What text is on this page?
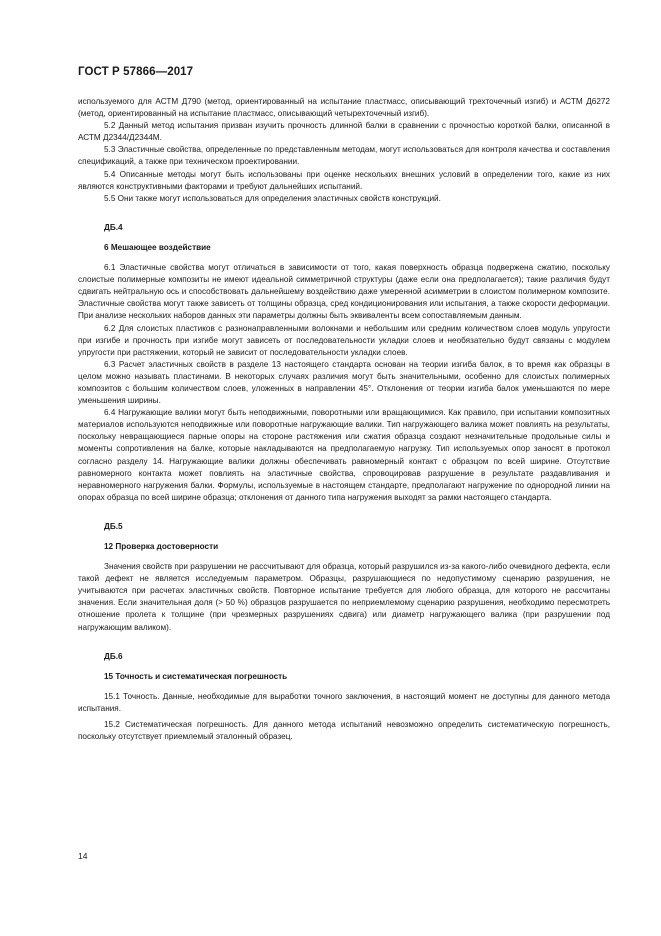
ГОСТ Р 57866—2017

используемого для АСТМ Д790 (метод, ориентированный на испытание пластмасс, описывающий трехточечный изгиб) и АСТМ Д6272 (метод, ориентированный на испытание пластмасс, описывающий четырехточечный изгиб).

5.2 Данный метод испытания призван изучить прочность длинной балки в сравнении с прочностью короткой балки, описанной в АСТМ Д2344/Д2344М.

5.3 Эластичные свойства, определенные по представленным методам, могут использоваться для контроля качества и составления спецификаций, а также при техническом проектировании.

5.4 Описанные методы могут быть использованы при оценке нескольких внешних условий в определении того, какие из них являются конструктивными факторами и требуют дальнейших испытаний.

5.5 Они также могут использоваться для определения эластичных свойств конструкций.

ДБ.4

6 Мешающее воздействие

6.1 Эластичные свойства могут отличаться в зависимости от того, какая поверхность образца подвержена сжатию, поскольку слоистые полимерные композиты не имеют идеальной симметричной структуры (даже если она предполагается); такие различия будут сдвигать нейтральную ось и способствовать дальнейшему воздействию даже умеренной асимметрии в слоистом полимерном композите. Эластичные свойства могут также зависеть от толщины образца, сред кондиционирования или испытания, а также скорости деформации. При анализе нескольких наборов данных эти параметры должны быть эквиваленты всем сопоставляемым данным.

6.2 Для слоистых пластиков с разнонаправленными волокнами и небольшим или средним количеством слоев модуль упругости при изгибе и прочность при изгибе могут зависеть от последовательности укладки слоев и необязательно будут связаны с модулем упругости при растяжении, который не зависит от последовательности укладки слоев.

6.3 Расчет эластичных свойств в разделе 13 настоящего стандарта основан на теории изгиба балок, в то время как образцы в целом можно называть пластинами. В некоторых случаях различия могут быть значительными, особенно для слоистых полимерных композитов с большим количеством слоев, уложенных в направлении 45°. Отклонения от теории изгиба балок уменьшаются по мере уменьшения ширины.

6.4 Нагружающие валики могут быть неподвижными, поворотными или вращающимися. Как правило, при испытании композитных материалов используются неподвижные или поворотные нагружающие валики. Тип нагружающего валика может повлиять на результаты, поскольку невращающиеся парные опоры на стороне растяжения или сжатия образца создают незначительные продольные силы и моменты сопротивления на балке, которые накладываются на предполагаемую нагрузку. Тип используемых опор заносят в протокол согласно разделу 14. Нагружающие валики должны обеспечивать равномерный контакт с образцом по всей ширине. Отсутствие равномерного контакта может повлиять на эластичные свойства, спровоцировав разрушение в результате раздавливания и неравномерного нагружения балки. Формулы, используемые в настоящем стандарте, предполагают нагружение по однородной линии на опорах образца по всей ширине образца; отклонения от данного типа нагружения выходят за рамки настоящего стандарта.

ДБ.5

12 Проверка достоверности

Значения свойств при разрушении не рассчитывают для образца, который разрушился из-за какого-либо очевидного дефекта, если такой дефект не является исследуемым параметром. Образцы, разрушающиеся по недопустимому сценарию разрушения, не учитываются при расчетах эластичных свойств. Повторное испытание требуется для любого образца, для которого не рассчитаны значения. Если значительная доля (> 50 %) образцов разрушается по неприемлемому сценарию разрушения, необходимо пересмотреть отношение пролета к толщине (при чрезмерных разрушениях сдвига) или диаметр нагружающего валика (при разрушении под нагружающим валиком).

ДБ.6

15 Точность и систематическая погрешность

15.1 Точность. Данные, необходимые для выработки точного заключения, в настоящий момент не доступны для данного метода испытания.

15.2 Систематическая погрешность. Для данного метода испытаний невозможно определить систематическую погрешность, поскольку отсутствует приемлемый эталонный образец.

14
